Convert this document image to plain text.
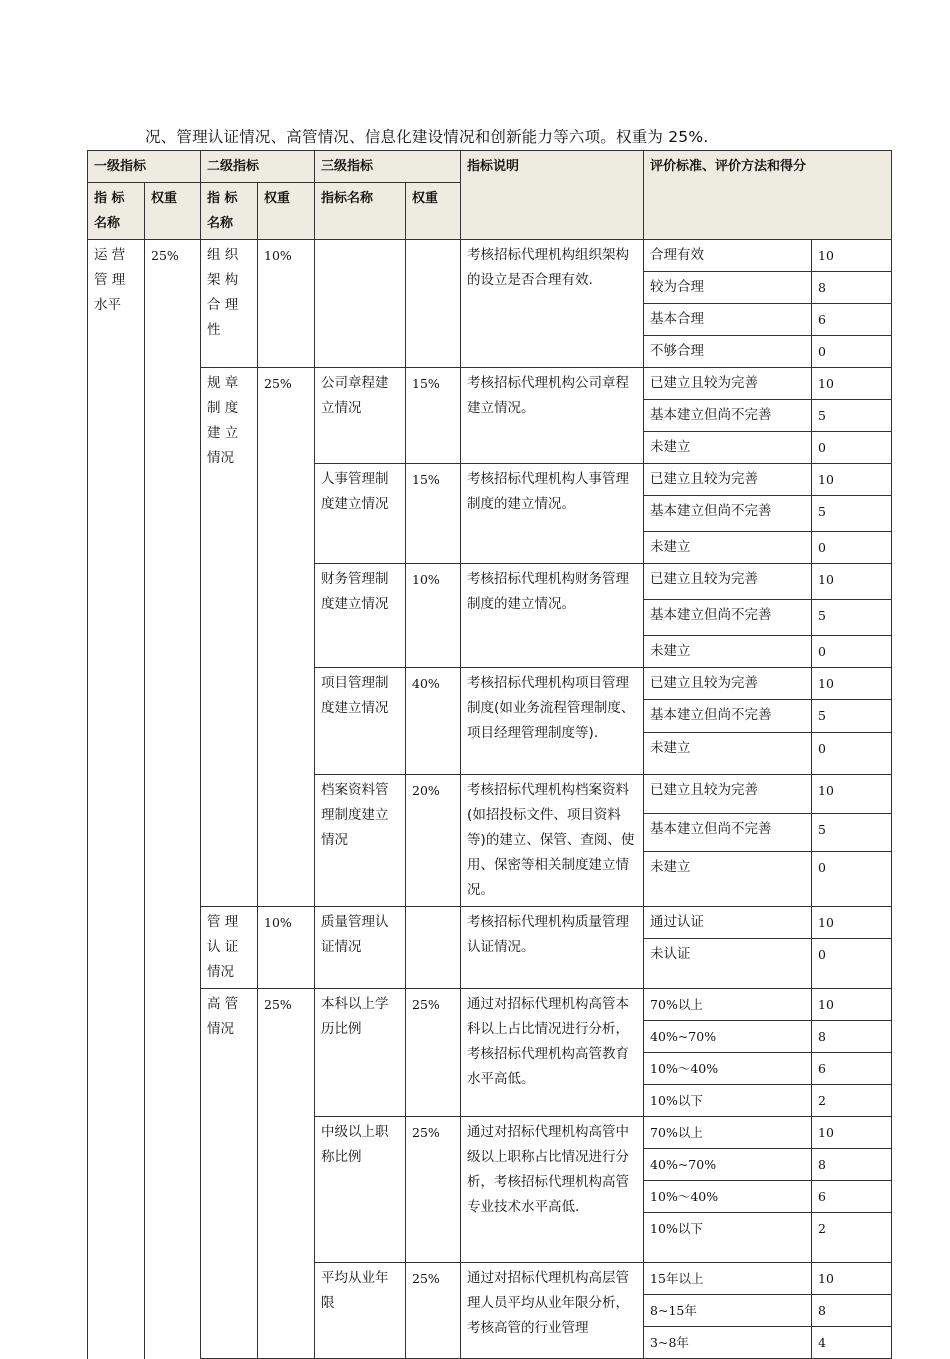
况、管理认证情况、高管情况、信息化建设情况和创新能力等六项。权重为 25%.
一级指标		二级指标		三级指标		指标说明	评价标准、评价方法和得分	
指 标 名称	权重	指 标 名称	权重	指标名称	权重			
运 营 管 理 水平	25%	组 织 架 构 合 理 性	10%			考核招标代理机构组织架构的设立是否合理有效.	合理有效	10
							较为合理	8
							基本合理	6
							不够合理	0
		规 章 制 度 建 立 情况	25%	公司章程建立情况	15%	考核招标代理机构公司章程建立情况。	已建立且较为完善	10
							基本建立但尚不完善	5
							未建立	0
				人事管理制度建立情况	15%	考核招标代理机构人事管理制度的建立情况。	已建立且较为完善	10
							基本建立但尚不完善	5
							未建立	0
				财务管理制度建立情况	10%	考核招标代理机构财务管理制度的建立情况。	已建立且较为完善	10
							基本建立但尚不完善	5
							未建立	0
				项目管理制度建立情况	40%	考核招标代理机构项目管理制度(如业务流程管理制度、项目经理管理制度等).	已建立且较为完善	10
							基本建立但尚不完善	5
							未建立	0
				档案资料管理制度建立情况	20%	考核招标代理机构档案资料(如招投标文件、项目资料等)的建立、保管、查阅、使用、保密等相关制度建立情况。	已建立且较为完善	10
							基本建立但尚不完善	5
							未建立	0
		管 理 认 证 情况	10%	质量管理认证情况		考核招标代理机构质量管理认证情况。	通过认证	10
							未认证	0
		高 管 情况	25%	本科以上学历比例	25%	通过对招标代理机构高管本科以上占比情况进行分析，考核招标代理机构高管教育水平高低。	70%以上	10
							40%~70%	8
							10%～40%	6
							10%以下	2
				中级以上职称比例	25%	通过对招标代理机构高管中级以上职称占比情况进行分析，考核招标代理机构高管专业技术水平高低.	70%以上	10
							40%~70%	8
							10%～40%	6
							10%以下	2
				平均从业年限	25%	通过对招标代理机构高层管理人员平均从业年限分析，考核高管的行业管理	15年以上	10
							8~15年	8
							3~8年	4
